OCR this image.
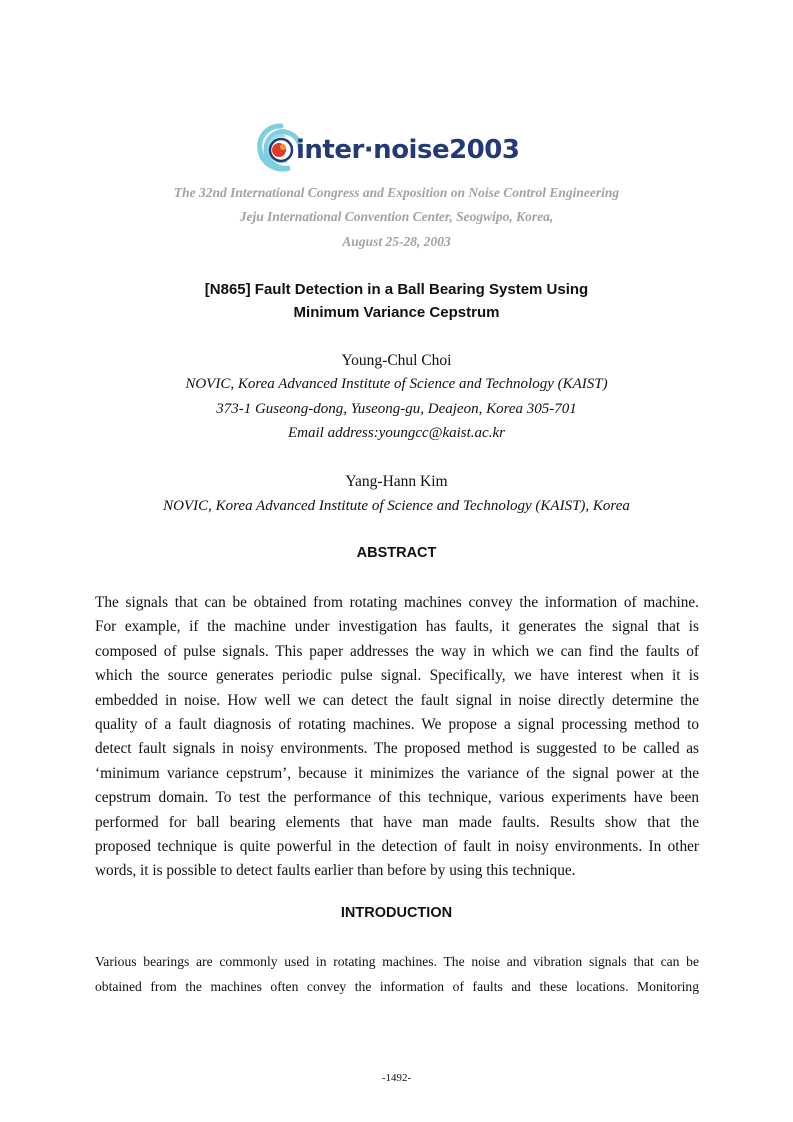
inter·noise2003
The 32nd International Congress and Exposition on Noise Control Engineering
Jeju International Convention Center, Seogwipo, Korea,
August 25-28, 2003
[N865] Fault Detection in a Ball Bearing System Using
Minimum Variance Cepstrum
Young-Chul Choi
NOVIC, Korea Advanced Institute of Science and Technology (KAIST)
373-1 Guseong-dong, Yuseong-gu, Deajeon, Korea 305-701
Email address:youngcc@kaist.ac.kr
Yang-Hann Kim
NOVIC, Korea Advanced Institute of Science and Technology (KAIST), Korea
ABSTRACT
The signals that can be obtained from rotating machines convey the information of machine.
For example, if the machine under investigation has faults, it generates the signal that is
composed of pulse signals. This paper addresses the way in which we can find the faults of
which the source generates periodic pulse signal. Specifically, we have interest when it is
embedded in noise. How well we can detect the fault signal in noise directly determine the
quality of a fault diagnosis of rotating machines. We propose a signal processing method to
detect fault signals in noisy environments. The proposed method is suggested to be called as
‘minimum variance cepstrum’, because it minimizes the variance of the signal power at the
cepstrum domain. To test the performance of this technique, various experiments have been
performed for ball bearing elements that have man made faults. Results show that the
proposed technique is quite powerful in the detection of fault in noisy environments. In other
words, it is possible to detect faults earlier than before by using this technique.
INTRODUCTION
Various bearings are commonly used in rotating machines. The noise and vibration signals that can be
obtained from the machines often convey the information of faults and these locations. Monitoring
-1492-
